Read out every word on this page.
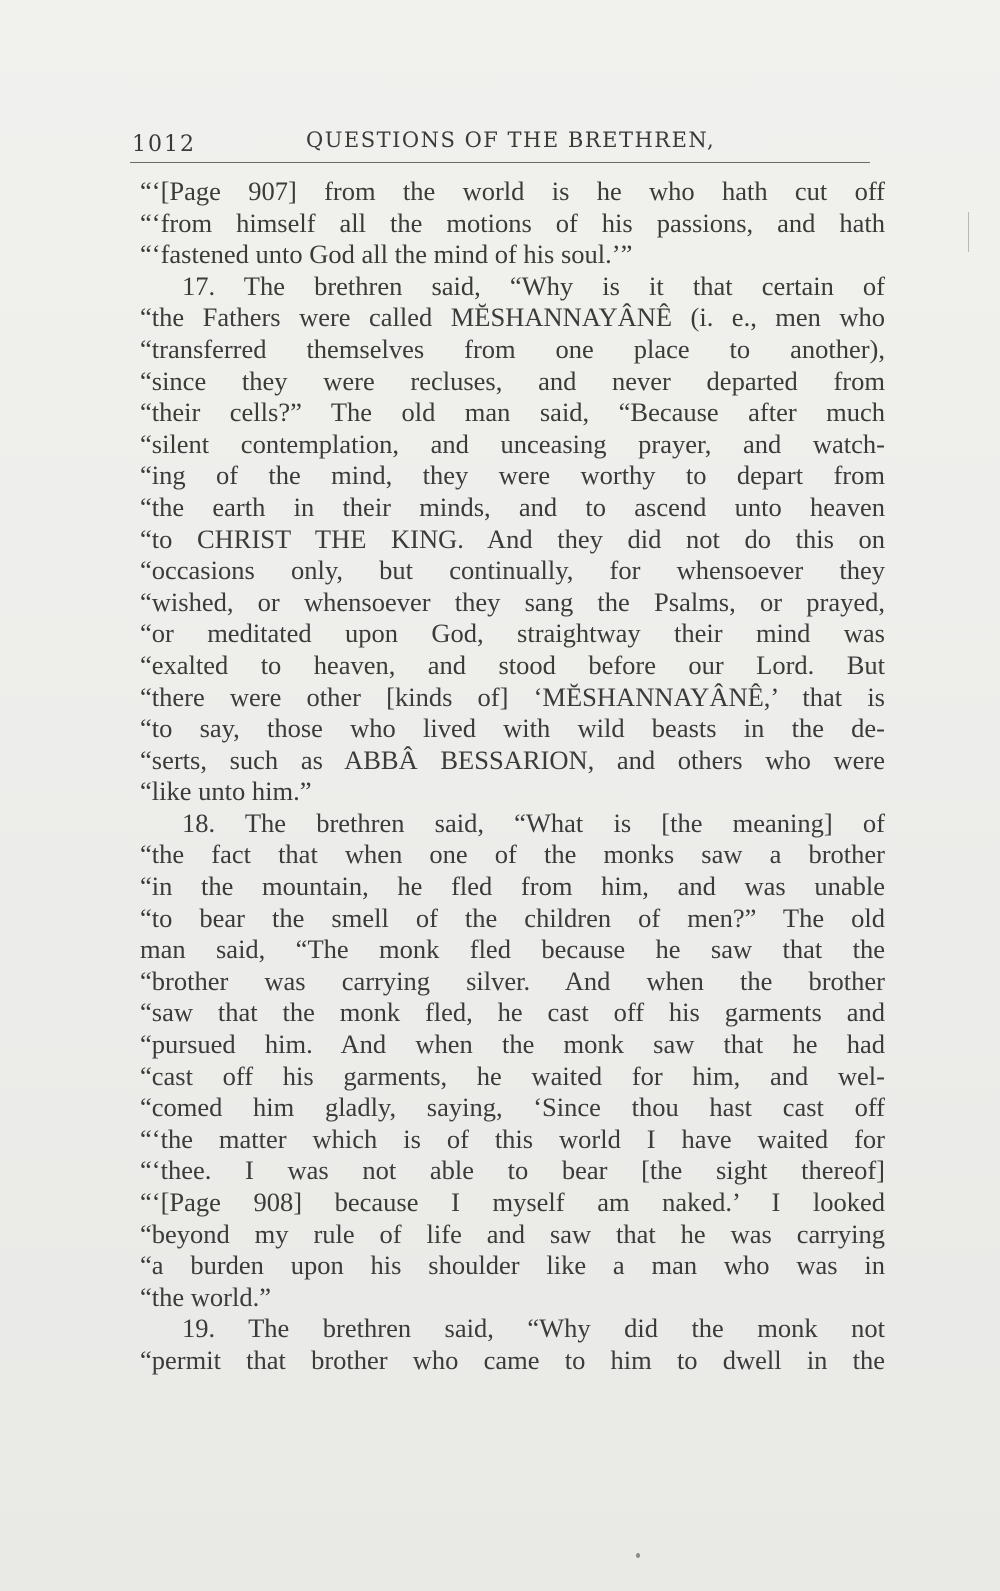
1012	QUESTIONS OF THE BRETHREN,
“‘[Page 907] from the world is he who hath cut off
“‘from himself all the motions of his passions, and hath
“‘fastened unto God all the mind of his soul.’”
17. The brethren said, “Why is it that certain of
“the Fathers were called MĔSHANNAYÂNÊ (i. e., men who
“transferred themselves from one place to another),
“since they were recluses, and never departed from
“their cells?” The old man said, “Because after much
“silent contemplation, and unceasing prayer, and watch-
“ing of the mind, they were worthy to depart from
“the earth in their minds, and to ascend unto heaven
“to CHRIST THE KING. And they did not do this on
“occasions only, but continually, for whensoever they
“wished, or whensoever they sang the Psalms, or prayed,
“or meditated upon God, straightway their mind was
“exalted to heaven, and stood before our Lord. But
“there were other [kinds of] ‘MĔSHANNAYÂNÊ,’ that is
“to say, those who lived with wild beasts in the de-
“serts, such as ABBÂ BESSARION, and others who were
“like unto him.”
18. The brethren said, “What is [the meaning] of
“the fact that when one of the monks saw a brother
“in the mountain, he fled from him, and was unable
“to bear the smell of the children of men?” The old
man said, “The monk fled because he saw that the
“brother was carrying silver. And when the brother
“saw that the monk fled, he cast off his garments and
“pursued him. And when the monk saw that he had
“cast off his garments, he waited for him, and wel-
“comed him gladly, saying, ‘Since thou hast cast off
“‘the matter which is of this world I have waited for
“‘thee. I was not able to bear [the sight thereof]
“‘[Page 908] because I myself am naked.’ I looked
“beyond my rule of life and saw that he was carrying
“a burden upon his shoulder like a man who was in
“the world.”
19. The brethren said, “Why did the monk not
“permit that brother who came to him to dwell in the
